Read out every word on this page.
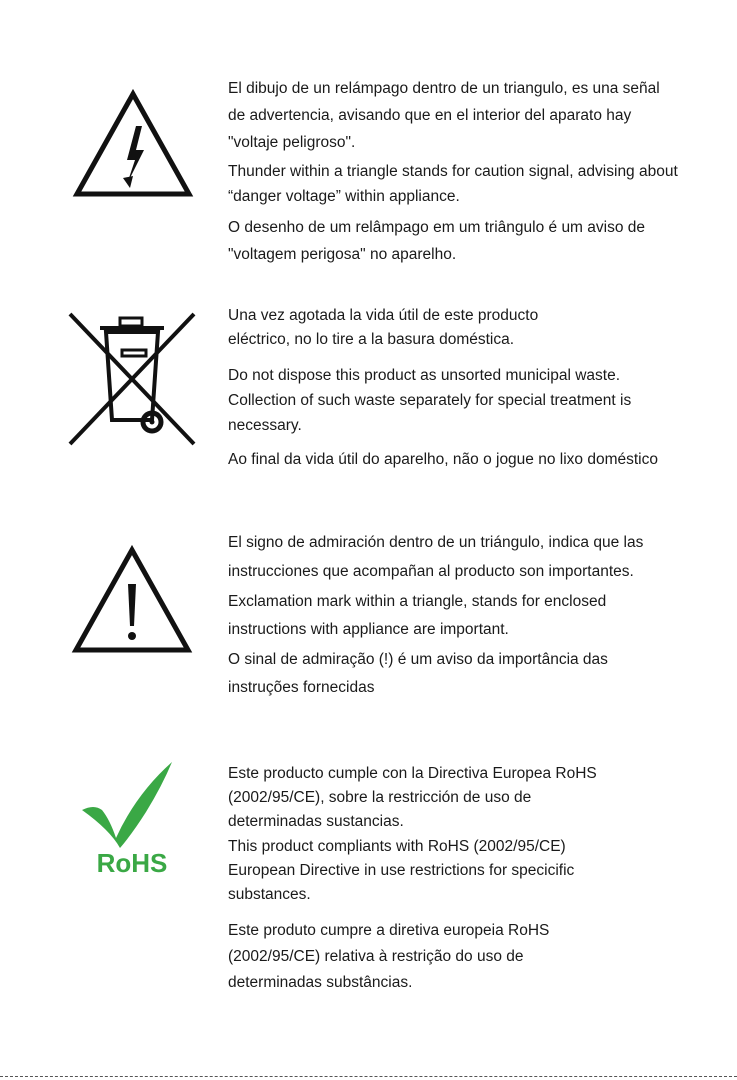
El dibujo de un relámpago dentro de un triangulo, es una señal de advertencia, avisando que en el interior del aparato hay "voltaje peligroso".

Thunder within a triangle stands for caution signal, advising about “danger voltage” within appliance.

O desenho de um relâmpago em um triângulo é um aviso de "voltagem perigosa" no aparelho.

Una vez agotada la vida útil de este producto eléctrico, no lo tire a la basura doméstica.

Do not dispose this product as unsorted municipal waste. Collection of such waste separately for special treatment is necessary.

Ao final da vida útil do aparelho, não o jogue no lixo doméstico

El signo de admiración dentro de un triángulo, indica que las instrucciones que acompañan al producto son importantes.

Exclamation mark within a triangle, stands for enclosed instructions with appliance are important.

O sinal de admiração (!) é um aviso da importância das instruções fornecidas

RoHS

Este producto cumple con la Directiva Europea RoHS (2002/95/CE), sobre la restricción de uso de determinadas sustancias.

This product compliants with RoHS (2002/95/CE) European Directive in use restrictions for specicific substances.

Este produto cumpre a diretiva europeia RoHS (2002/95/CE) relativa à restrição do uso de determinadas substâncias.
